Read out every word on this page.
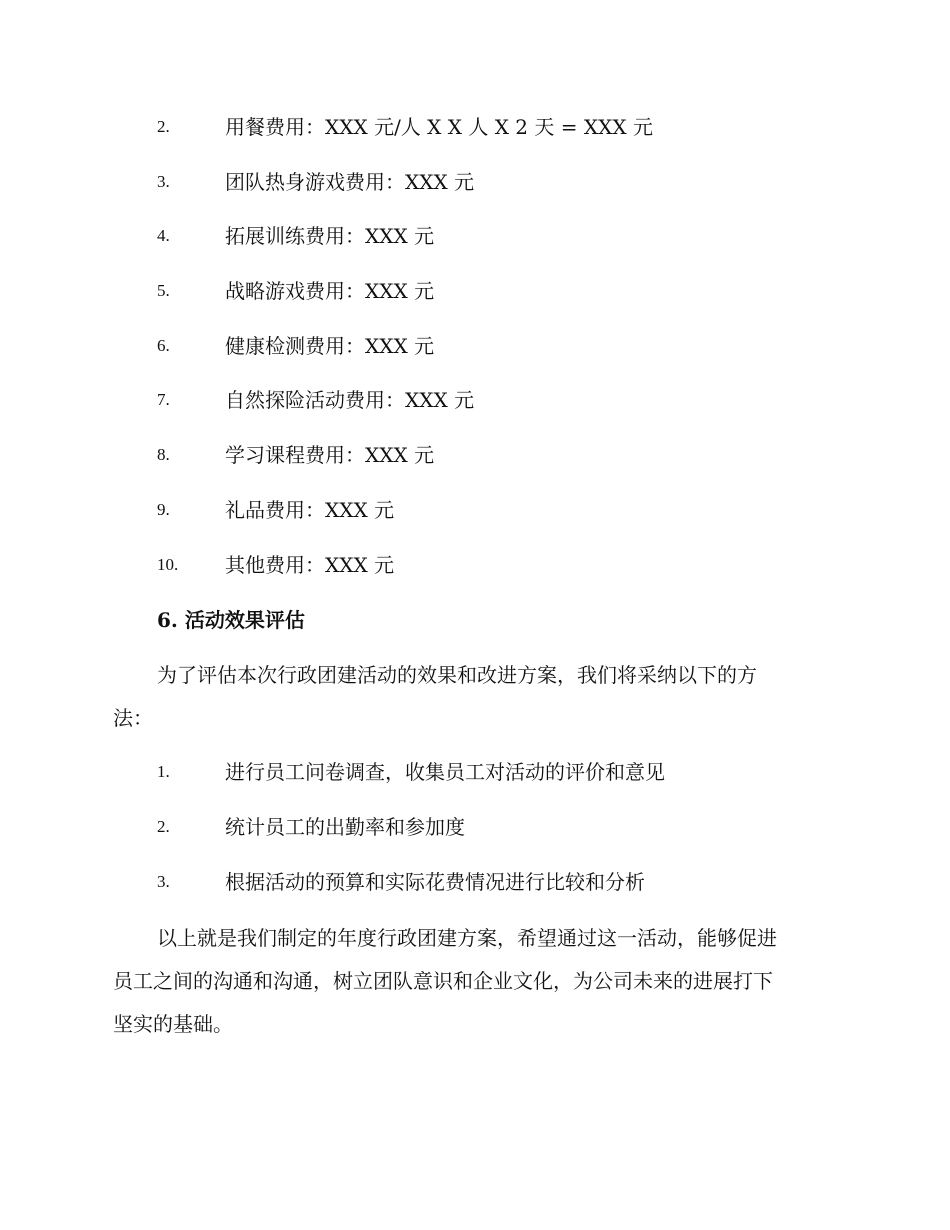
2.	用餐费用：XXX 元/人 X X 人 X 2 天 = XXX 元
3.	团队热身游戏费用：XXX 元
4.	拓展训练费用：XXX 元
5.	战略游戏费用：XXX 元
6.	健康检测费用：XXX 元
7.	自然探险活动费用：XXX 元
8.	学习课程费用：XXX 元
9.	礼品费用：XXX 元
10. 其他费用：XXX 元
6. 活动效果评估
为了评估本次行政团建活动的效果和改进方案，我们将采纳以下的方
法：
1.	进行员工问卷调查，收集员工对活动的评价和意见
2.	统计员工的出勤率和参加度
3.	根据活动的预算和实际花费情况进行比较和分析
以上就是我们制定的年度行政团建方案，希望通过这一活动，能够促进
员工之间的沟通和沟通，树立团队意识和企业文化，为公司未来的进展打下
坚实的基础。
